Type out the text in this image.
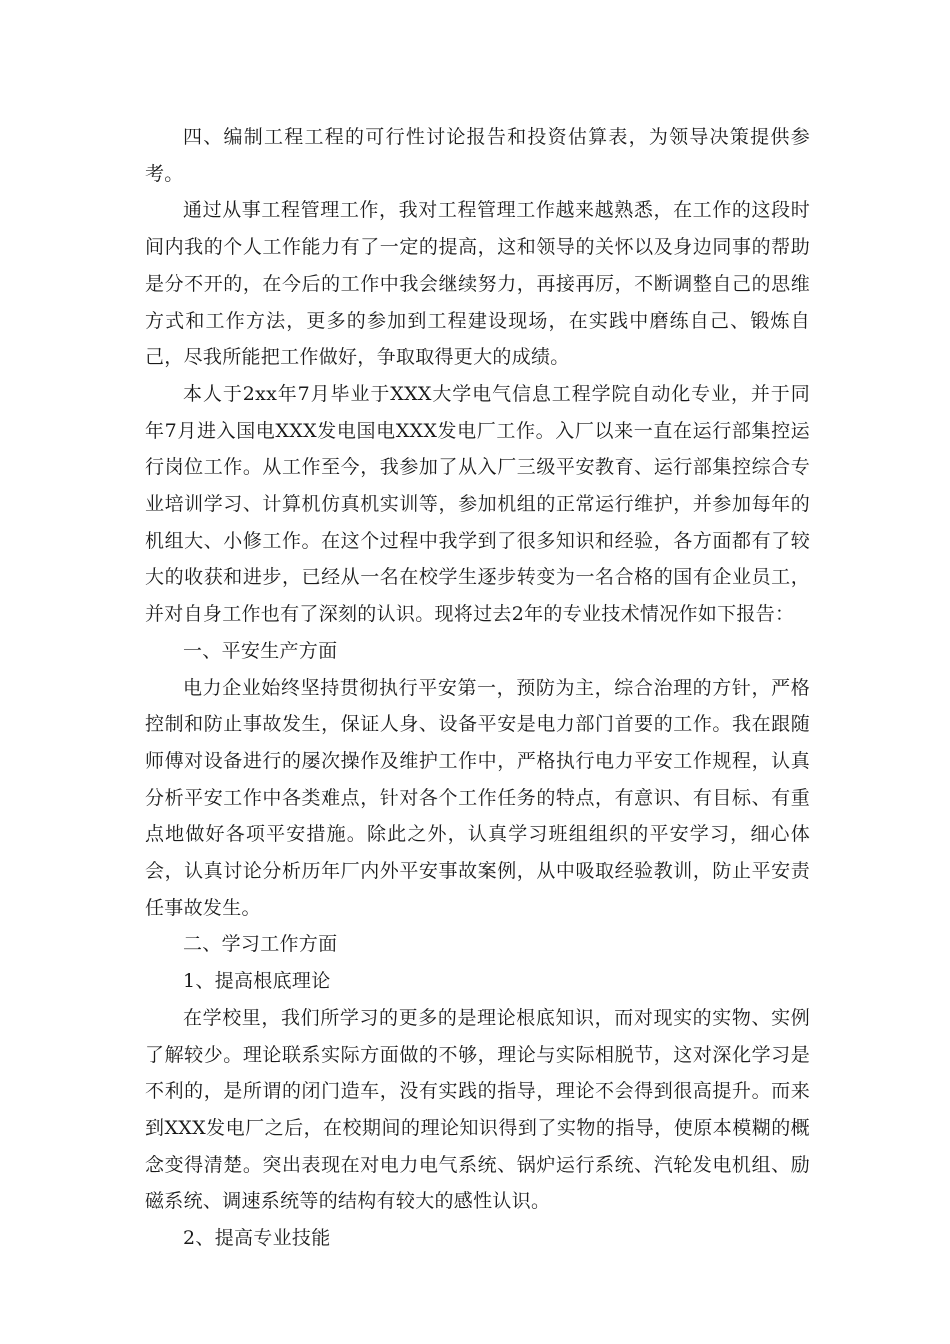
四、编制工程工程的可行性讨论报告和投资估算表，为领导决策提供参考。

通过从事工程管理工作，我对工程管理工作越来越熟悉，在工作的这段时间内我的个人工作能力有了一定的提高，这和领导的关怀以及身边同事的帮助是分不开的，在今后的工作中我会继续努力，再接再厉，不断调整自己的思维方式和工作方法，更多的参加到工程建设现场，在实践中磨练自己、锻炼自己，尽我所能把工作做好，争取取得更大的成绩。

本人于2xx年7月毕业于XXX大学电气信息工程学院自动化专业，并于同年7月进入国电XXX发电国电XXX发电厂工作。入厂以来一直在运行部集控运行岗位工作。从工作至今，我参加了从入厂三级平安教育、运行部集控综合专业培训学习、计算机仿真机实训等，参加机组的正常运行维护，并参加每年的机组大、小修工作。在这个过程中我学到了很多知识和经验，各方面都有了较大的收获和进步，已经从一名在校学生逐步转变为一名合格的国有企业员工，并对自身工作也有了深刻的认识。现将过去2年的专业技术情况作如下报告：

一、平安生产方面

电力企业始终坚持贯彻执行平安第一，预防为主，综合治理的方针，严格控制和防止事故发生，保证人身、设备平安是电力部门首要的工作。我在跟随师傅对设备进行的屡次操作及维护工作中，严格执行电力平安工作规程，认真分析平安工作中各类难点，针对各个工作任务的特点，有意识、有目标、有重点地做好各项平安措施。除此之外，认真学习班组组织的平安学习，细心体会，认真讨论分析历年厂内外平安事故案例，从中吸取经验教训，防止平安责任事故发生。

二、学习工作方面

1、提高根底理论

在学校里，我们所学习的更多的是理论根底知识，而对现实的实物、实例了解较少。理论联系实际方面做的不够，理论与实际相脱节，这对深化学习是不利的，是所谓的闭门造车，没有实践的指导，理论不会得到很高提升。而来到XXX发电厂之后，在校期间的理论知识得到了实物的指导，使原本模糊的概念变得清楚。突出表现在对电力电气系统、锅炉运行系统、汽轮发电机组、励磁系统、调速系统等的结构有较大的感性认识。

2、提高专业技能
